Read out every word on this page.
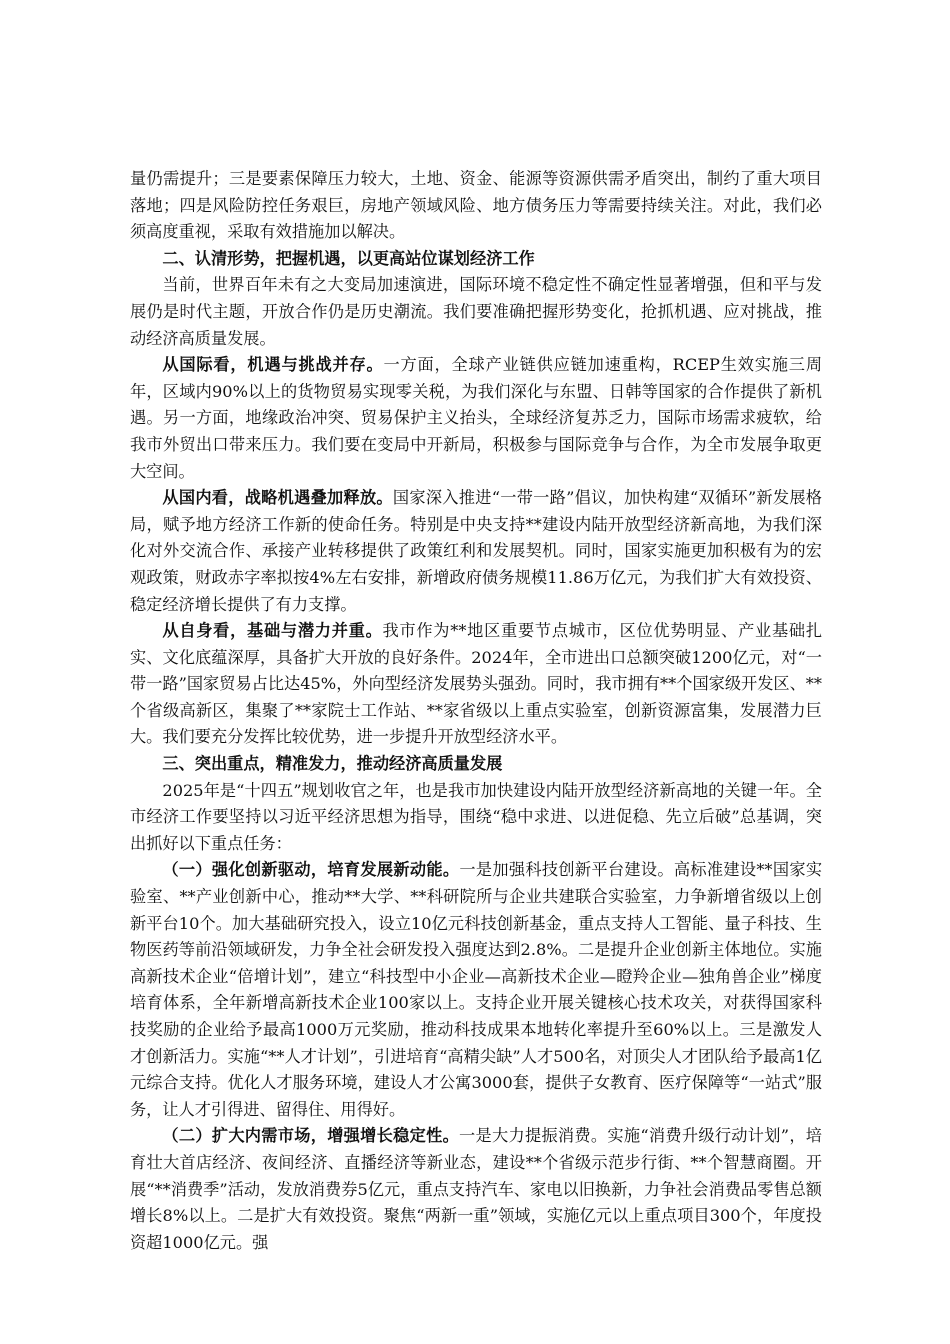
量仍需提升；三是要素保障压力较大，土地、资金、能源等资源供需矛盾突出，制约了重大项目落地；四是风险防控任务艰巨，房地产领域风险、地方债务压力等需要持续关注。对此，我们必须高度重视，采取有效措施加以解决。

二、认清形势，把握机遇，以更高站位谋划经济工作

当前，世界百年未有之大变局加速演进，国际环境不稳定性不确定性显著增强，但和平与发展仍是时代主题，开放合作仍是历史潮流。我们要准确把握形势变化，抢抓机遇、应对挑战，推动经济高质量发展。

从国际看，机遇与挑战并存。一方面，全球产业链供应链加速重构，RCEP生效实施三周年，区域内90%以上的货物贸易实现零关税，为我们深化与东盟、日韩等国家的合作提供了新机遇。另一方面，地缘政治冲突、贸易保护主义抬头，全球经济复苏乏力，国际市场需求疲软，给我市外贸出口带来压力。我们要在变局中开新局，积极参与国际竞争与合作，为全市发展争取更大空间。

从国内看，战略机遇叠加释放。国家深入推进“一带一路”倡议，加快构建“双循环”新发展格局，赋予地方经济工作新的使命任务。特别是中央支持**建设内陆开放型经济新高地，为我们深化对外交流合作、承接产业转移提供了政策红利和发展契机。同时，国家实施更加积极有为的宏观政策，财政赤字率拟按4%左右安排，新增政府债务规模11.86万亿元，为我们扩大有效投资、稳定经济增长提供了有力支撑。

从自身看，基础与潜力并重。我市作为**地区重要节点城市，区位优势明显、产业基础扎实、文化底蕴深厚，具备扩大开放的良好条件。2024年，全市进出口总额突破1200亿元，对“一带一路”国家贸易占比达45%，外向型经济发展势头强劲。同时，我市拥有**个国家级开发区、**个省级高新区，集聚了**家院士工作站、**家省级以上重点实验室，创新资源富集，发展潜力巨大。我们要充分发挥比较优势，进一步提升开放型经济水平。

三、突出重点，精准发力，推动经济高质量发展

2025年是“十四五”规划收官之年，也是我市加快建设内陆开放型经济新高地的关键一年。全市经济工作要坚持以习近平经济思想为指导，围绕“稳中求进、以进促稳、先立后破”总基调，突出抓好以下重点任务：

（一）强化创新驱动，培育发展新动能。一是加强科技创新平台建设。高标准建设**国家实验室、**产业创新中心，推动**大学、**科研院所与企业共建联合实验室，力争新增省级以上创新平台10个。加大基础研究投入，设立10亿元科技创新基金，重点支持人工智能、量子科技、生物医药等前沿领域研发，力争全社会研发投入强度达到2.8%。二是提升企业创新主体地位。实施高新技术企业“倍增计划”，建立“科技型中小企业—高新技术企业—瞪羚企业—独角兽企业”梯度培育体系，全年新增高新技术企业100家以上。支持企业开展关键核心技术攻关，对获得国家科技奖励的企业给予最高1000万元奖励，推动科技成果本地转化率提升至60%以上。三是激发人才创新活力。实施“**人才计划”，引进培育“高精尖缺”人才500名，对顶尖人才团队给予最高1亿元综合支持。优化人才服务环境，建设人才公寓3000套，提供子女教育、医疗保障等“一站式”服务，让人才引得进、留得住、用得好。

（二）扩大内需市场，增强增长稳定性。一是大力提振消费。实施“消费升级行动计划”，培育壮大首店经济、夜间经济、直播经济等新业态，建设**个省级示范步行街、**个智慧商圈。开展“**消费季”活动，发放消费券5亿元，重点支持汽车、家电以旧换新，力争社会消费品零售总额增长8%以上。二是扩大有效投资。聚焦“两新一重”领域，实施亿元以上重点项目300个，年度投资超1000亿元。强
